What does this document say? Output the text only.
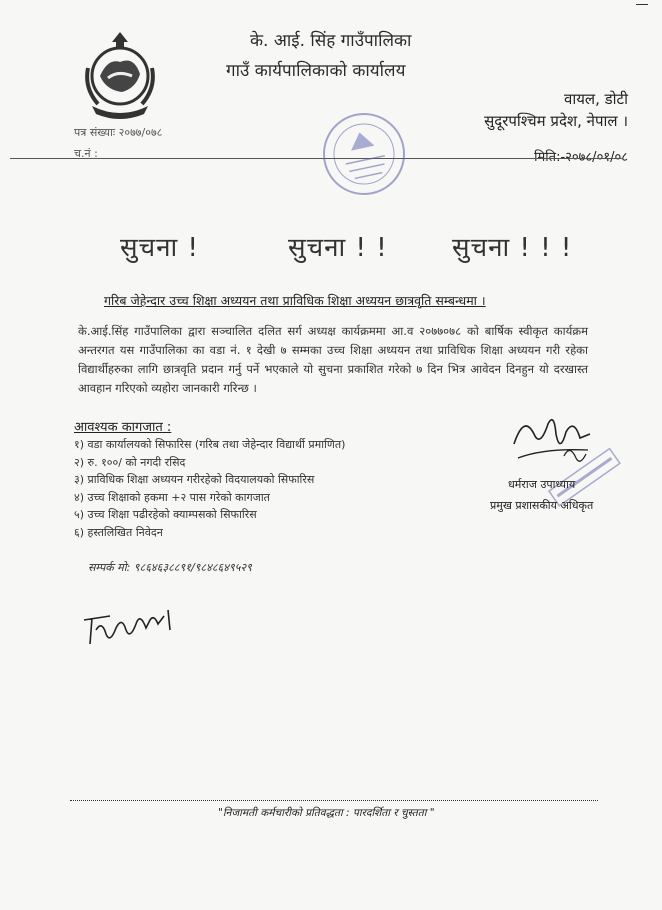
के. आई. सिंह गाउँपालिका
गाउँ कार्यपालिकाको कार्यालय
वायल, डोटी
सुदूरपश्चिम प्रदेश, नेपाल ।
पत्र संख्याः २०७७/०७८
च.नं :	मिति:-२०७८/०१/०८
सुचना !	सुचना ! ! सुचना ! ! !
गरिब जेहेन्दार उच्च शिक्षा अध्ययन तथा प्राविधिक शिक्षा अध्ययन छात्रवृति सम्बन्धमा ।
के.आई.सिंह गाउँपालिका द्वारा सञ्चालित दलित सर्ग अध्यक्ष कार्यक्रममा आ.व २०७७०७८ को बार्षिक स्वीकृत कार्यक्रम अन्तरगत यस गाउँपालिका का वडा नं. १ देखी ७ सम्मका उच्च शिक्षा अध्ययन तथा प्राविधिक शिक्षा अध्ययन गरी रहेका विद्यार्थीहरुका लागि छात्रवृति प्रदान गर्नु पर्ने भएकाले यो सुचना प्रकाशित गरेको ७ दिन भित्र आवेदन दिनहुन यो दरखास्त आवहान गरिएको व्यहोरा जानकारी गरिन्छ ।
आवश्यक कागजात :
१) वडा कार्यालयको सिफारिस (गरिब तथा जेहेन्दार विद्यार्थी प्रमाणित)
२) रु. १००/ को नगदी रसिद
३) प्राविधिक शिक्षा अध्ययन गरीरहेको विदयालयको सिफारिस
४) उच्च शिक्षाको हकमा +२ पास गरेको कागजात
५) उच्च शिक्षा पढीरहेको क्याम्पसको सिफारिस
६) हस्तलिखित निवेदन
धर्मराज उपाध्याय
प्रमुख प्रशासकीय अधिकृत
सम्पर्क मो: ९८६४६३८८९१/९८४८६४९५२९
"निजामती कर्मचारीको प्रतिवद्धता : पारदर्शिता र चुस्तता "
